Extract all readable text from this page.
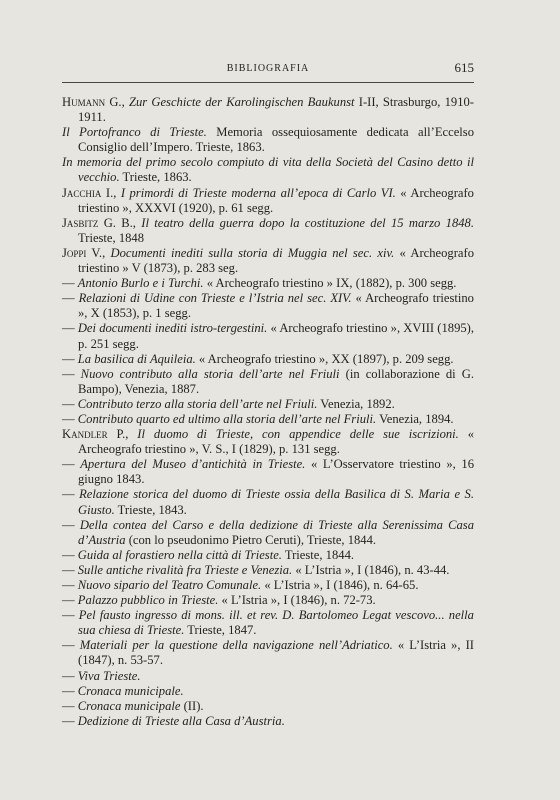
BIBLIOGRAFIA	615
Humann G., Zur Geschicte der Karolingischen Baukunst I-II, Strasburgo, 1910-1911.
Il Portofranco di Trieste. Memoria ossequiosamente dedicata all’Eccelso Consiglio dell’Impero. Trieste, 1863.
In memoria del primo secolo compiuto di vita della Società del Casino detto il vecchio. Trieste, 1863.
Jacchia I., I primordi di Trieste moderna all’epoca di Carlo VI. « Archeografo triestino », XXXVI (1920), p. 61 segg.
Jasbitz G. B., Il teatro della guerra dopo la costituzione del 15 marzo 1848. Trieste, 1848
Joppi V., Documenti inediti sulla storia di Muggia nel sec. xiv. « Archeografo triestino » V (1873), p. 283 seg.
— Antonio Burlo e i Turchi. « Archeografo triestino » IX, (1882), p. 300 segg.
— Relazioni di Udine con Trieste e l’Istria nel sec. XIV. « Archeografo triestino », X (1853), p. 1 segg.
— Dei documenti inediti istro-tergestini. « Archeografo triestino », XVIII (1895), p. 251 segg.
— La basilica di Aquileia. « Archeografo triestino », XX (1897), p. 209 segg.
— Nuovo contributo alla storia dell’arte nel Friuli (in collaborazione di G. Bampo), Venezia, 1887.
— Contributo terzo alla storia dell’arte nel Friuli. Venezia, 1892.
— Contributo quarto ed ultimo alla storia dell’arte nel Friuli. Venezia, 1894.
Kandler P., Il duomo di Trieste, con appendice delle sue iscrizioni. « Archeografo triestino », V. S., I (1829), p. 131 segg.
— Apertura del Museo d’antichità in Trieste. « L’Osservatore triestino », 16 giugno 1843.
— Relazione storica del duomo di Trieste ossia della Basilica di S. Maria e S. Giusto. Trieste, 1843.
— Della contea del Carso e della dedizione di Trieste alla Serenissima Casa d’Austria (con lo pseudonimo Pietro Ceruti), Trieste, 1844.
— Guida al forastiero nella città di Trieste. Trieste, 1844.
— Sulle antiche rivalità fra Trieste e Venezia. « L’Istria », I (1846), n. 43-44.
— Nuovo sipario del Teatro Comunale. « L’Istria », I (1846), n. 64-65.
— Palazzo pubblico in Trieste. « L’Istria », I (1846), n. 72-73.
— Pel fausto ingresso di mons. ill. et rev. D. Bartolomeo Legat vescovo... nella sua chiesa di Trieste. Trieste, 1847.
— Materiali per la questione della navigazione nell’Adriatico. « L’Istria », II (1847), n. 53-57.
— Viva Trieste.
— Cronaca municipale.
— Cronaca municipale (II).
— Dedizione di Trieste alla Casa d’Austria.
